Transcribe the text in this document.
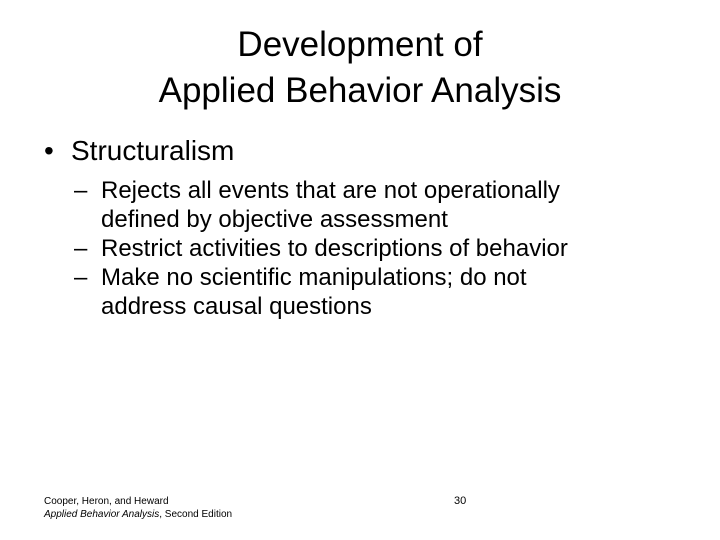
Development of
Applied Behavior Analysis
• Structuralism
– Rejects all events that are not operationally
defined by objective assessment
– Restrict activities to descriptions of behavior
– Make no scientific manipulations; do not
address causal questions
Cooper, Heron, and Heward
Applied Behavior Analysis, Second Edition
30
